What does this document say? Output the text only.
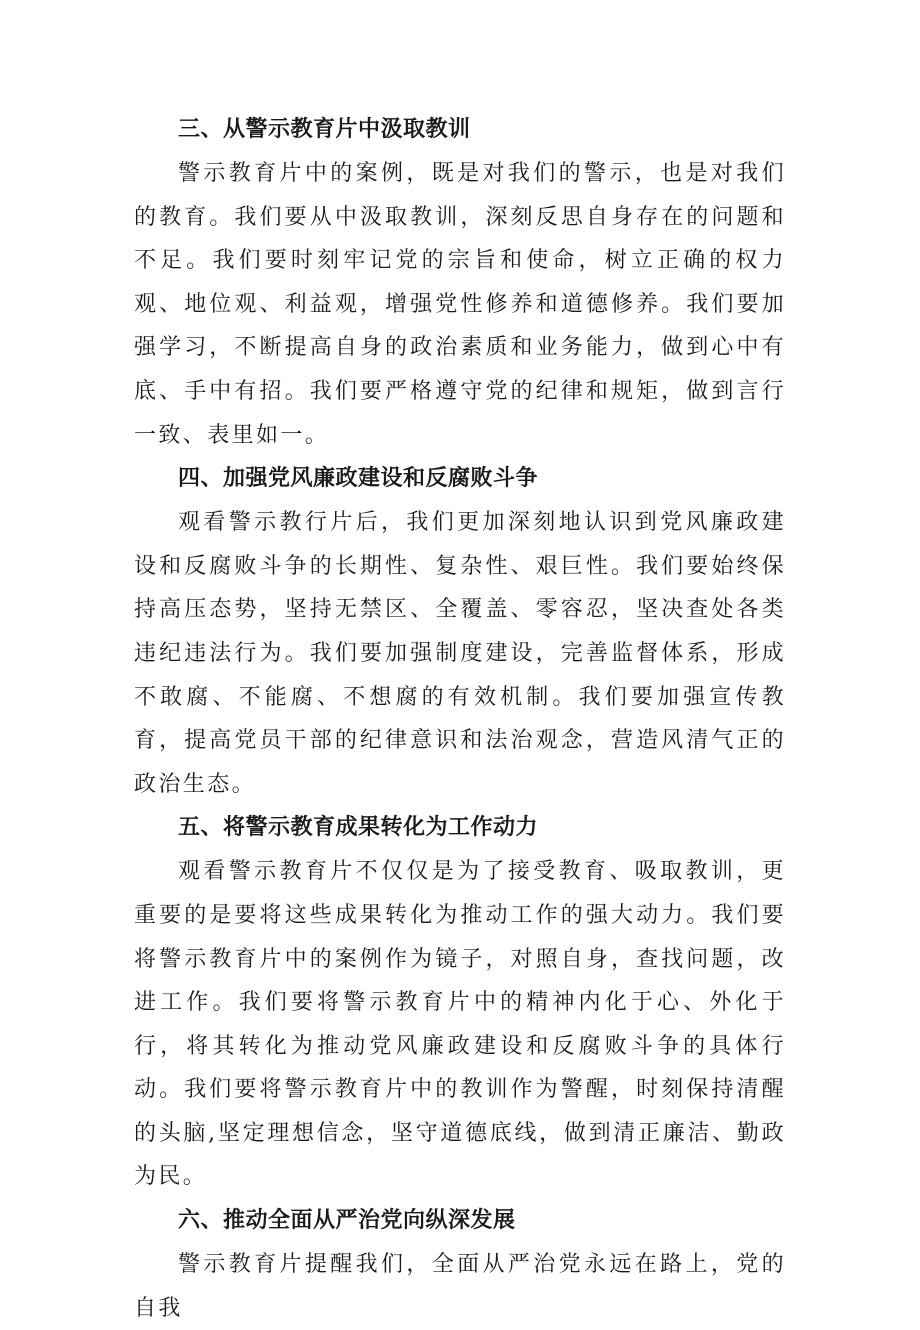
三、从警示教育片中汲取教训

警示教育片中的案例，既是对我们的警示，也是对我们的教育。我们要从中汲取教训，深刻反思自身存在的问题和不足。我们要时刻牢记党的宗旨和使命，树立正确的权力观、地位观、利益观，增强党性修养和道德修养。我们要加强学习，不断提高自身的政治素质和业务能力，做到心中有底、手中有招。我们要严格遵守党的纪律和规矩，做到言行一致、表里如一。

四、加强党风廉政建设和反腐败斗争

观看警示教行片后，我们更加深刻地认识到党风廉政建设和反腐败斗争的长期性、复杂性、艰巨性。我们要始终保持高压态势，坚持无禁区、全覆盖、零容忍，坚决查处各类违纪违法行为。我们要加强制度建设，完善监督体系，形成不敢腐、不能腐、不想腐的有效机制。我们要加强宣传教育，提高党员干部的纪律意识和法治观念，营造风清气正的政治生态。

五、将警示教育成果转化为工作动力

观看警示教育片不仅仅是为了接受教育、吸取教训，更重要的是要将这些成果转化为推动工作的强大动力。我们要将警示教育片中的案例作为镜子，对照自身，查找问题，改进工作。我们要将警示教育片中的精神内化于心、外化于行，将其转化为推动党风廉政建设和反腐败斗争的具体行动。我们要将警示教育片中的教训作为警醒，时刻保持清醒的头脑,坚定理想信念，坚守道德底线，做到清正廉洁、勤政为民。

六、推动全面从严治党向纵深发展

警示教育片提醒我们，全面从严治党永远在路上，党的自我
